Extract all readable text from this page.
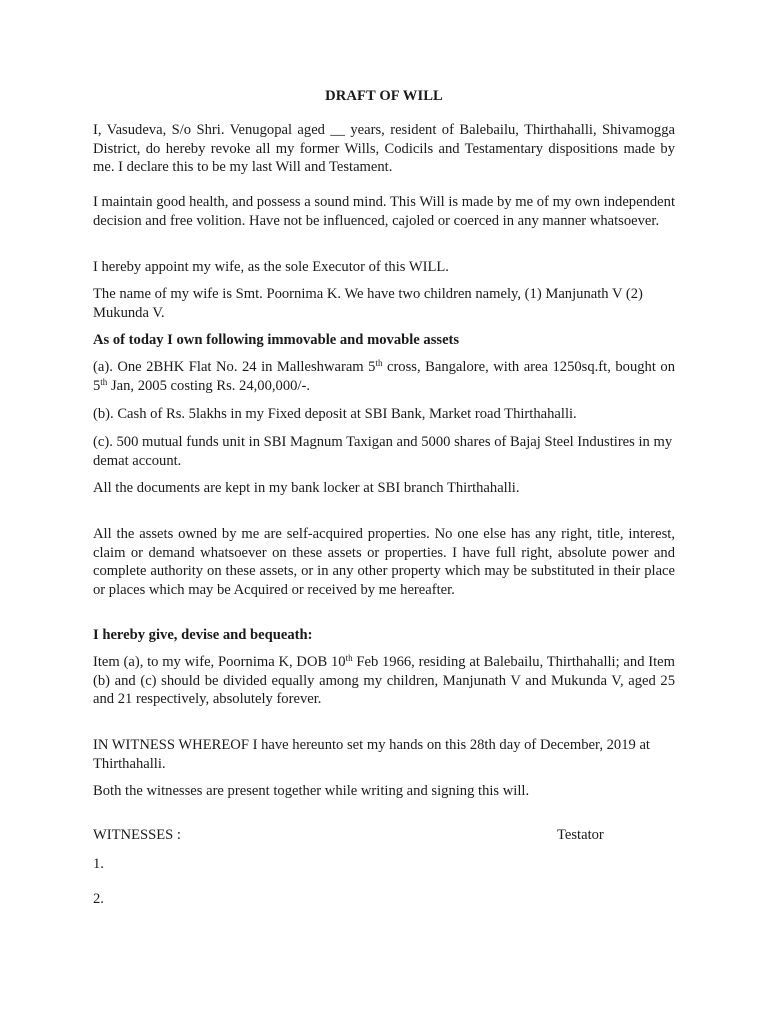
DRAFT OF WILL

I, Vasudeva, S/o Shri. Venugopal aged __ years, resident of Balebailu, Thirthahalli, Shivamogga District, do hereby revoke all my former Wills, Codicils and Testamentary dispositions made by me. I declare this to be my last Will and Testament.

I maintain good health, and possess a sound mind. This Will is made by me of my own independent decision and free volition. Have not be influenced, cajoled or coerced in any manner whatsoever.

I hereby appoint my wife, as the sole Executor of this WILL.

The name of my wife is Smt. Poornima K. We have two children namely, (1) Manjunath V (2) Mukunda V.

As of today I own following immovable and movable assets

(a). One 2BHK Flat No. 24 in Malleshwaram 5th cross, Bangalore, with area 1250sq.ft, bought on 5th Jan, 2005 costing Rs. 24,00,000/-.

(b). Cash of Rs. 5lakhs in my Fixed deposit at SBI Bank, Market road Thirthahalli.

(c). 500 mutual funds unit in SBI Magnum Taxigan and 5000 shares of Bajaj Steel Industires in my demat account.

All the documents are kept in my bank locker at SBI branch Thirthahalli.

All the assets owned by me are self-acquired properties. No one else has any right, title, interest, claim or demand whatsoever on these assets or properties. I have full right, absolute power and complete authority on these assets, or in any other property which may be substituted in their place or places which may be Acquired or received by me hereafter.

I hereby give, devise and bequeath:

Item (a), to my wife, Poornima K, DOB 10th Feb 1966, residing at Balebailu, Thirthahalli; and Item (b) and (c) should be divided equally among my children, Manjunath V and Mukunda V, aged 25 and 21 respectively, absolutely forever.

IN WITNESS WHEREOF I have hereunto set my hands on this 28th day of December, 2019 at Thirthahalli.

Both the witnesses are present together while writing and signing this will.

WITNESSES :	Testator
1.
2.
